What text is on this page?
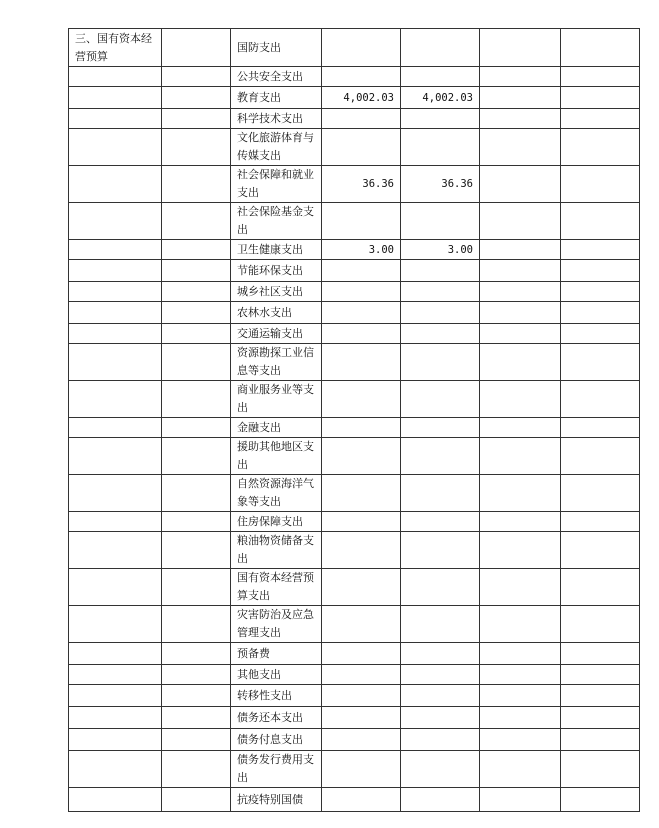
三、国有资本经营预算		国防支出				
		公共安全支出				
		教育支出	4,002.03	4,002.03		
		科学技术支出				
		文化旅游体育与传媒支出				
		社会保障和就业支出	36.36	36.36		
		社会保险基金支出				
		卫生健康支出	3.00	3.00		
		节能环保支出				
		城乡社区支出				
		农林水支出				
		交通运输支出				
		资源勘探工业信息等支出				
		商业服务业等支出				
		金融支出				
		援助其他地区支出				
		自然资源海洋气象等支出				
		住房保障支出				
		粮油物资储备支出				
		国有资本经营预算支出				
		灾害防治及应急管理支出				
		预备费				
		其他支出				
		转移性支出				
		债务还本支出				
		债务付息支出				
		债务发行费用支出				
		抗疫特别国债				
